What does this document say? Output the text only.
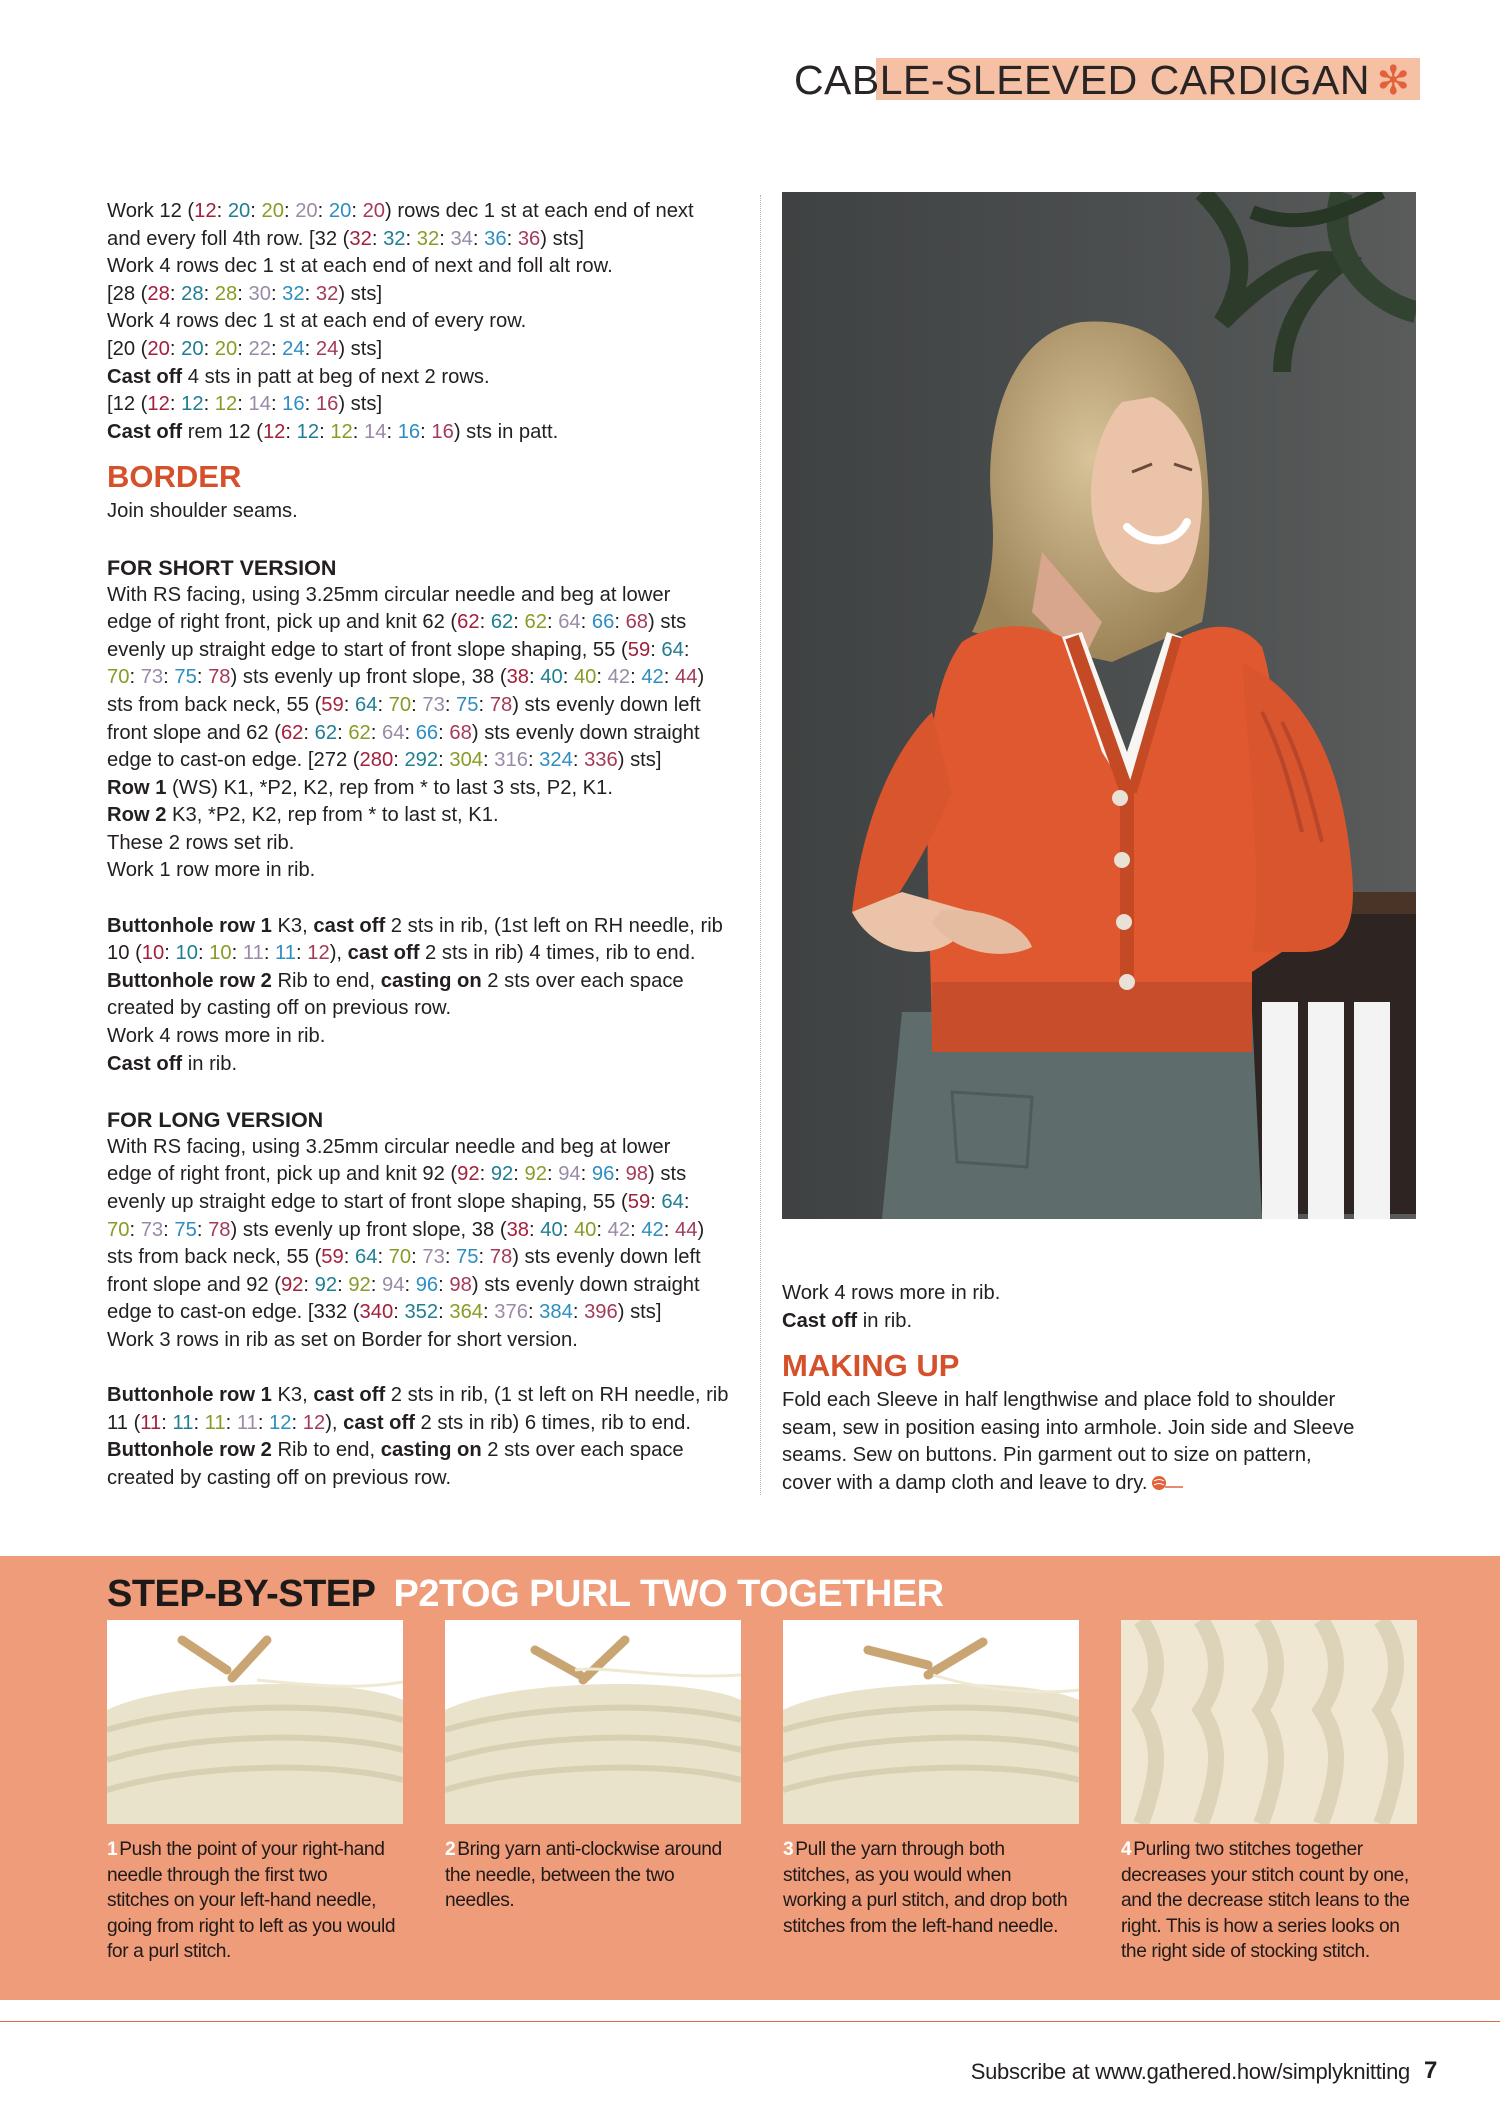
CABLE-SLEEVED CARDIGAN ✻

Work 12 (12: 20: 20: 20: 20: 20) rows dec 1 st at each end of next

and every foll 4th row. [32 (32: 32: 32: 34: 36: 36) sts]

Work 4 rows dec 1 st at each end of next and foll alt row.

[28 (28: 28: 28: 30: 32: 32) sts]

Work 4 rows dec 1 st at each end of every row.

[20 (20: 20: 20: 22: 24: 24) sts]

Cast off 4 sts in patt at beg of next 2 rows.

[12 (12: 12: 12: 14: 16: 16) sts]

Cast off rem 12 (12: 12: 12: 14: 16: 16) sts in patt.

BORDER

Join shoulder seams.

FOR SHORT VERSION

With RS facing, using 3.25mm circular needle and beg at lower

edge of right front, pick up and knit 62 (62: 62: 62: 64: 66: 68) sts

evenly up straight edge to start of front slope shaping, 55 (59: 64:

70: 73: 75: 78) sts evenly up front slope, 38 (38: 40: 40: 42: 42: 44)

sts from back neck, 55 (59: 64: 70: 73: 75: 78) sts evenly down left

front slope and 62 (62: 62: 62: 64: 66: 68) sts evenly down straight

edge to cast-on edge. [272 (280: 292: 304: 316: 324: 336) sts]

Row 1 (WS) K1, *P2, K2, rep from * to last 3 sts, P2, K1.

Row 2 K3, *P2, K2, rep from * to last st, K1.

These 2 rows set rib.

Work 1 row more in rib.

Buttonhole row 1 K3, cast off 2 sts in rib, (1st left on RH needle, rib

10 (10: 10: 10: 11: 11: 12), cast off 2 sts in rib) 4 times, rib to end.

Buttonhole row 2 Rib to end, casting on 2 sts over each space

created by casting off on previous row.

Work 4 rows more in rib.

Cast off in rib.

FOR LONG VERSION

With RS facing, using 3.25mm circular needle and beg at lower

edge of right front, pick up and knit 92 (92: 92: 92: 94: 96: 98) sts

evenly up straight edge to start of front slope shaping, 55 (59: 64:

70: 73: 75: 78) sts evenly up front slope, 38 (38: 40: 40: 42: 42: 44)

sts from back neck, 55 (59: 64: 70: 73: 75: 78) sts evenly down left

front slope and 92 (92: 92: 92: 94: 96: 98) sts evenly down straight

edge to cast-on edge. [332 (340: 352: 364: 376: 384: 396) sts]

Work 3 rows in rib as set on Border for short version.

Buttonhole row 1 K3, cast off 2 sts in rib, (1 st left on RH needle, rib

11 (11: 11: 11: 11: 12: 12), cast off 2 sts in rib) 6 times, rib to end.

Buttonhole row 2 Rib to end, casting on 2 sts over each space

created by casting off on previous row.

Work 4 rows more in rib.

Cast off in rib.

MAKING UP

Fold each Sleeve in half lengthwise and place fold to shoulder

seam, sew in position easing into armhole. Join side and Sleeve

seams. Sew on buttons. Pin garment out to size on pattern,

cover with a damp cloth and leave to dry.

STEP-BY-STEP P2TOG PURL TWO TOGETHER
1 Push the point of your right-hand
needle through the first two
stitches on your left-hand needle,
going from right to left as you would
for a purl stitch.
2 Bring yarn anti-clockwise around
the needle, between the two
needles.
3 Pull the yarn through both
stitches, as you would when
working a purl stitch, and drop both
stitches from the left-hand needle.
4 Purling two stitches together
decreases your stitch count by one,
and the decrease stitch leans to the
right. This is how a series looks on
the right side of stocking stitch.
Subscribe at www.gathered.how/simplyknitting 7
